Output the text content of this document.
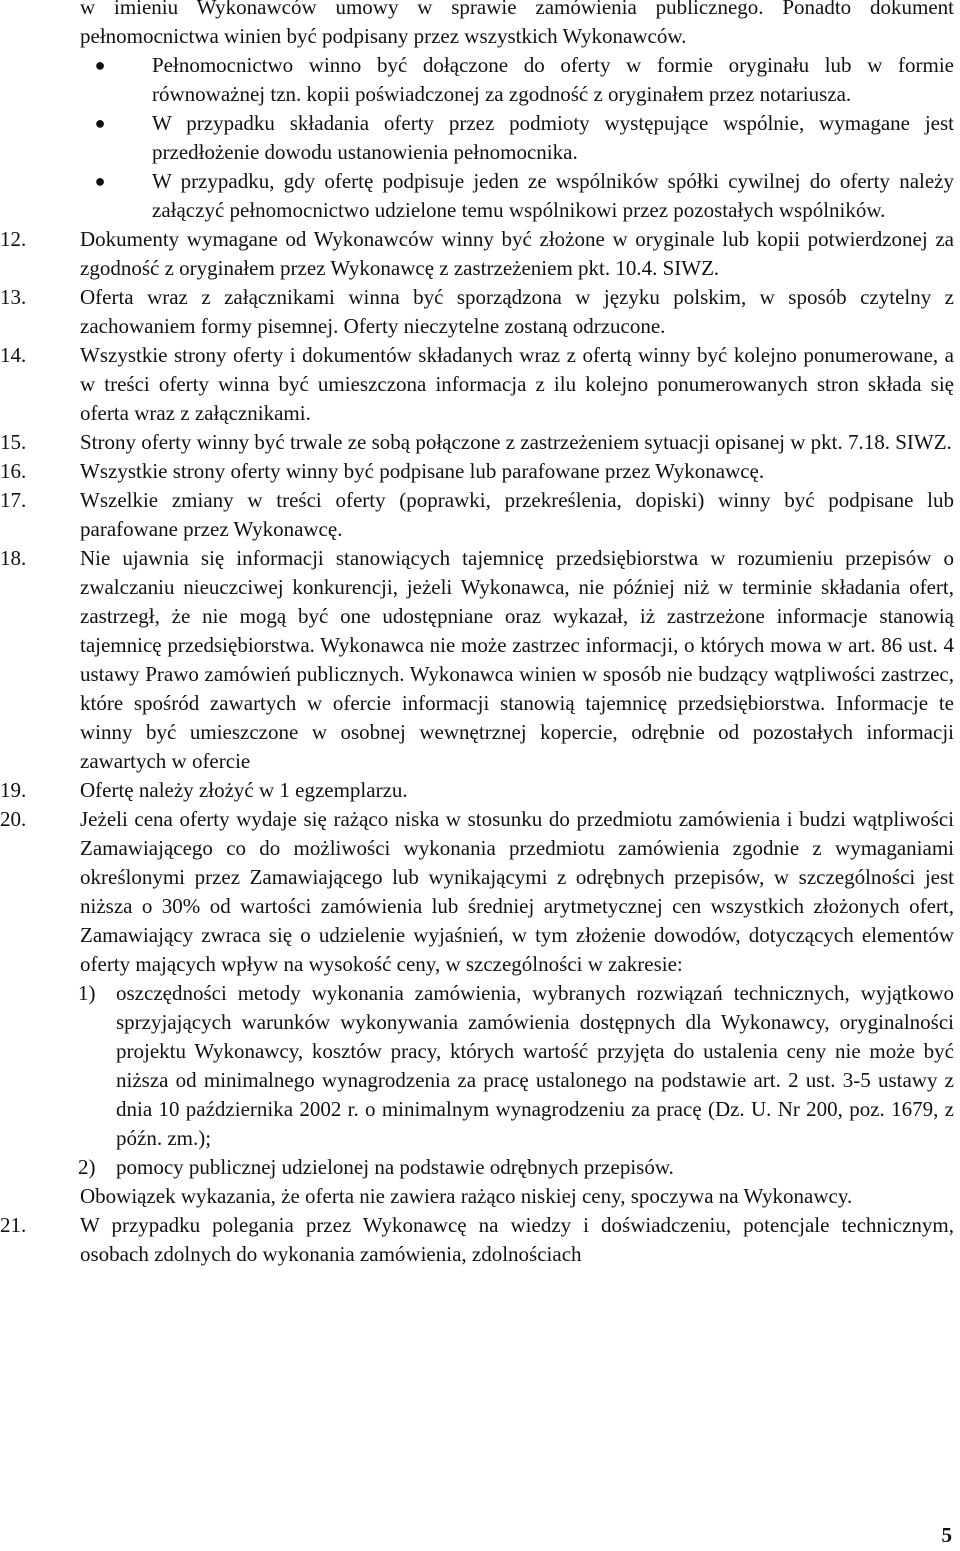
w imieniu Wykonawców umowy w sprawie zamówienia publicznego. Ponadto dokument pełnomocnictwa winien być podpisany przez wszystkich Wykonawców.

● Pełnomocnictwo winno być dołączone do oferty w formie oryginału lub w formie równoważnej tzn. kopii poświadczonej za zgodność z oryginałem przez notariusza.

● W przypadku składania oferty przez podmioty występujące wspólnie, wymagane jest przedłożenie dowodu ustanowienia pełnomocnika.

● W przypadku, gdy ofertę podpisuje jeden ze wspólników spółki cywilnej do oferty należy załączyć pełnomocnictwo udzielone temu wspólnikowi przez pozostałych wspólników.

12.	Dokumenty wymagane od Wykonawców winny być złożone w oryginale lub kopii potwierdzonej za zgodność z oryginałem przez Wykonawcę z zastrzeżeniem pkt. 10.4. SIWZ.

13.	Oferta wraz z załącznikami winna być sporządzona w języku polskim, w sposób czytelny z zachowaniem formy pisemnej. Oferty nieczytelne zostaną odrzucone.

14.	Wszystkie strony oferty i dokumentów składanych wraz z ofertą winny być kolejno ponumerowane, a w treści oferty winna być umieszczona informacja z ilu kolejno ponumerowanych stron składa się oferta wraz z załącznikami.

15.	Strony oferty winny być trwale ze sobą połączone z zastrzeżeniem sytuacji opisanej w pkt. 7.18. SIWZ.

16.	Wszystkie strony oferty winny być podpisane lub parafowane przez Wykonawcę.

17.	Wszelkie zmiany w treści oferty (poprawki, przekreślenia, dopiski) winny być podpisane lub parafowane przez Wykonawcę.

18.	Nie ujawnia się informacji stanowiących tajemnicę przedsiębiorstwa w rozumieniu przepisów o zwalczaniu nieuczciwej konkurencji, jeżeli Wykonawca, nie później niż w terminie składania ofert, zastrzegł, że nie mogą być one udostępniane oraz wykazał, iż zastrzeżone informacje stanowią tajemnicę przedsiębiorstwa. Wykonawca nie może zastrzec informacji, o których mowa w art. 86 ust. 4 ustawy Prawo zamówień publicznych. Wykonawca winien w sposób nie budzący wątpliwości zastrzec, które spośród zawartych w ofercie informacji stanowią tajemnicę przedsiębiorstwa. Informacje te winny być umieszczone w osobnej wewnętrznej kopercie, odrębnie od pozostałych informacji zawartych w ofercie

19.	Ofertę należy złożyć w 1 egzemplarzu.

20.	Jeżeli cena oferty wydaje się rażąco niska w stosunku do przedmiotu zamówienia i budzi wątpliwości Zamawiającego co do możliwości wykonania przedmiotu zamówienia zgodnie z wymaganiami określonymi przez Zamawiającego lub wynikającymi z odrębnych przepisów, w szczególności jest niższa o 30% od wartości zamówienia lub średniej arytmetycznej cen wszystkich złożonych ofert, Zamawiający zwraca się o udzielenie wyjaśnień, w tym złożenie dowodów, dotyczących elementów oferty mających wpływ na wysokość ceny, w szczególności w zakresie:

1) oszczędności metody wykonania zamówienia, wybranych rozwiązań technicznych, wyjątkowo sprzyjających warunków wykonywania zamówienia dostępnych dla Wykonawcy, oryginalności projektu Wykonawcy, kosztów pracy, których wartość przyjęta do ustalenia ceny nie może być niższa od minimalnego wynagrodzenia za pracę ustalonego na podstawie art. 2 ust. 3-5 ustawy z dnia 10 października 2002 r. o minimalnym wynagrodzeniu za pracę (Dz. U. Nr 200, poz. 1679, z późn. zm.);

2) pomocy publicznej udzielonej na podstawie odrębnych przepisów.

Obowiązek wykazania, że oferta nie zawiera rażąco niskiej ceny, spoczywa na Wykonawcy.

21.	W przypadku polegania przez Wykonawcę na wiedzy i doświadczeniu, potencjale technicznym, osobach zdolnych do wykonania zamówienia, zdolnościach

5
